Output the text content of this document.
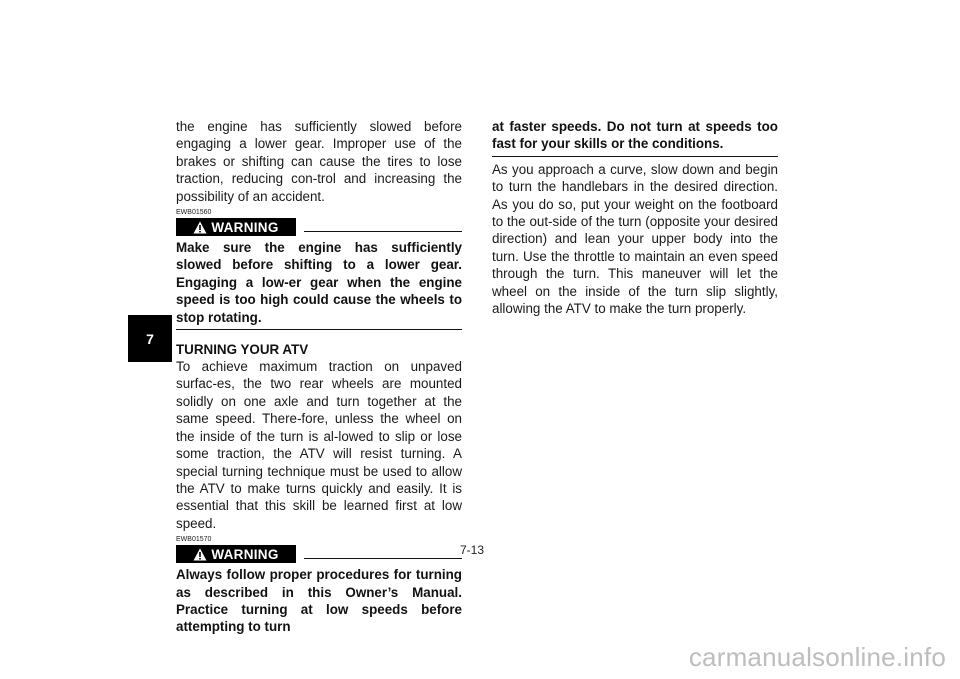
7

the engine has sufficiently slowed before engaging a lower gear. Improper use of the brakes or shifting can cause the tires to lose traction, reducing con-trol and increasing the possibility of an accident.

EWB01560
WARNING

Make sure the engine has sufficiently slowed before shifting to a lower gear. Engaging a low-er gear when the engine speed is too high could cause the wheels to stop rotating.

TURNING YOUR ATV

To achieve maximum traction on unpaved surfac-es, the two rear wheels are mounted solidly on one axle and turn together at the same speed. There-fore, unless the wheel on the inside of the turn is al-lowed to slip or lose some traction, the ATV will resist turning. A special turning technique must be used to allow the ATV to make turns quickly and easily. It is essential that this skill be learned first at low speed.

EWB01570
WARNING

Always follow proper procedures for turning as described in this Owner’s Manual. Practice turning at low speeds before attempting to turn

at faster speeds. Do not turn at speeds too fast for your skills or the conditions.

As you approach a curve, slow down and begin to turn the handlebars in the desired direction. As you do so, put your weight on the footboard to the out-side of the turn (opposite your desired direction) and lean your upper body into the turn. Use the throttle to maintain an even speed through the turn. This maneuver will let the wheel on the inside of the turn slip slightly, allowing the ATV to make the turn properly.

7-13
carmanualsonline.info
